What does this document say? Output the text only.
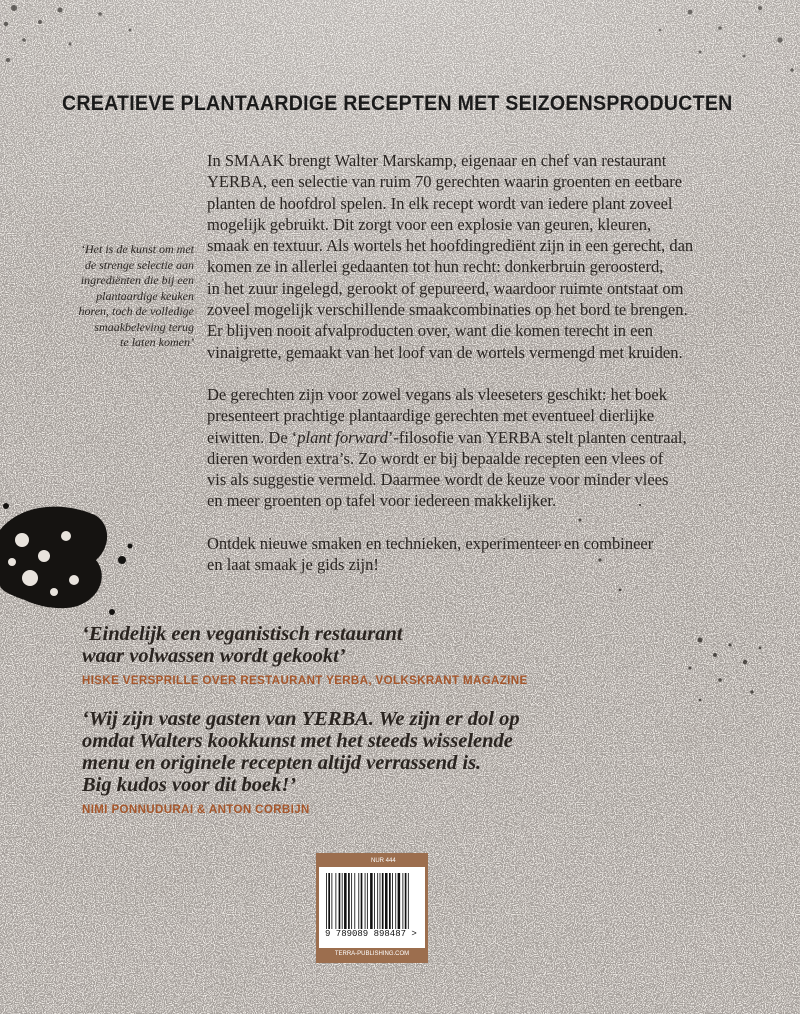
CREATIEVE PLANTAARDIGE RECEPTEN MET SEIZOENSPRODUCTEN

In SMAAK brengt Walter Marskamp, eigenaar en chef van restaurant
YERBA, een selectie van ruim 70 gerechten waarin groenten en eetbare
planten de hoofdrol spelen. In elk recept wordt van iedere plant zoveel
mogelijk gebruikt. Dit zorgt voor een explosie van geuren, kleuren,
smaak en textuur. Als wortels het hoofdingrediënt zijn in een gerecht, dan
komen ze in allerlei gedaanten tot hun recht: donkerbruin geroosterd,
in het zuur ingelegd, gerookt of gepureerd, waardoor ruimte ontstaat om
zoveel mogelijk verschillende smaakcombinaties op het bord te brengen.
Er blijven nooit afvalproducten over, want die komen terecht in een
vinaigrette, gemaakt van het loof van de wortels vermengd met kruiden.

De gerechten zijn voor zowel vegans als vleeseters geschikt: het boek
presenteert prachtige plantaardige gerechten met eventueel dierlijke
eiwitten. De ‘plant forward’-filosofie van YERBA stelt planten centraal,
dieren worden extra’s. Zo wordt er bij bepaalde recepten een vlees of
vis als suggestie vermeld. Daarmee wordt de keuze voor minder vlees
en meer groenten op tafel voor iedereen makkelijker.

Ontdek nieuwe smaken en technieken, experimenteer en combineer
en laat smaak je gids zijn!

‘Het is de kunst om met
de strenge selectie aan
ingrediënten die bij een
plantaardige keuken
horen, toch de volledige
smaakbeleving terug
te laten komen’
‘Eindelijk een veganistisch restaurant
waar volwassen wordt gekookt’
HISKE VERSPRILLE OVER RESTAURANT YERBA, VOLKSKRANT MAGAZINE
‘Wij zijn vaste gasten van YERBA. We zijn er dol op
omdat Walters kookkunst met het steeds wisselende
menu en originele recepten altijd verrassend is.
Big kudos voor dit boek!’
NIMI PONNUDURAI & ANTON CORBIJN
NUR 444
9 789089 898487 >
TERRA-PUBLISHING.COM
